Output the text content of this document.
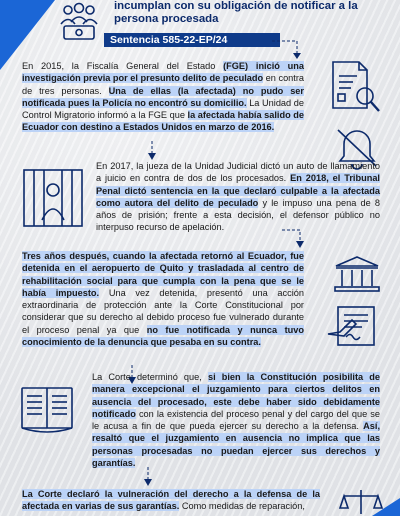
incumplan con su obligación de notificar a la
persona procesada
Sentencia 585-22-EP/24
En 2015, la Fiscalía General del Estado (FGE) inició una investigación previa por el presunto delito de peculado en contra de tres personas. Una de ellas (la afectada) no pudo ser notificada pues la Policía no encontró su domicilio. La Unidad de Control Migratorio informó a la FGE que la afectada había salido de Ecuador con destino a Estados Unidos en marzo de 2016.
En 2017, la jueza de la Unidad Judicial dictó un auto de llamamiento a juicio en contra de dos de los procesados. En 2018, el Tribunal Penal dictó sentencia en la que declaró culpable a la afectada como autora del delito de peculado y le impuso una pena de 8 años de prisión; frente a esta decisión, el defensor público no interpuso recurso de apelación.
Tres años después, cuando la afectada retornó al Ecuador, fue detenida en el aeropuerto de Quito y trasladada al centro de rehabilitación social para que cumpla con la pena que se le había impuesto. Una vez detenida, presentó una acción extraordinaria de protección ante la Corte Constitucional por considerar que su derecho al debido proceso fue vulnerado durante el proceso penal ya que no fue notificada y nunca tuvo conocimiento de la denuncia que pesaba en su contra.
La Corte determinó que, si bien la Constitución posibilita de manera excepcional el juzgamiento para ciertos delitos en ausencia del procesado, este debe haber sido debidamente notificado con la existencia del proceso penal y del cargo del que se le acusa a fin de que pueda ejercer su derecho a la defensa. Así, resaltó que el juzgamiento en ausencia no implica que las personas procesadas no puedan ejercer sus derechos y garantías.
La Corte declaró la vulneración del derecho a la defensa de la afectada en varias de sus garantías. Como medidas de reparación,
